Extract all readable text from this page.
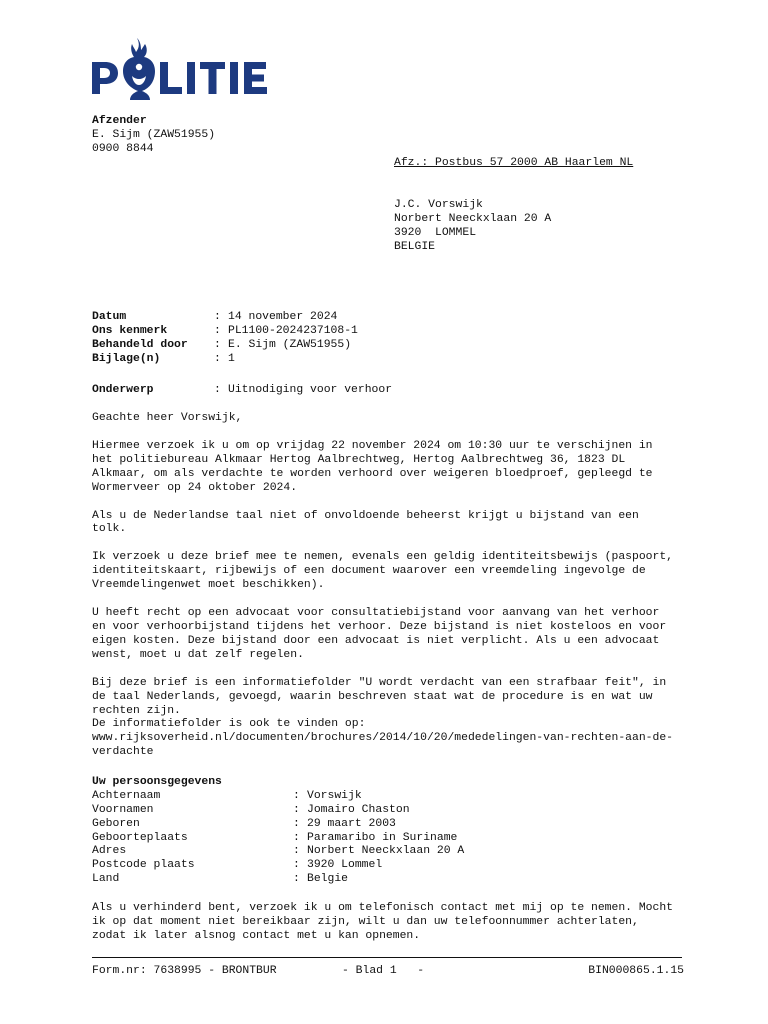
Afzender
E. Sijm (ZAW51955)
0900 8844
Afz.: Postbus 57 2000 AB Haarlem NL
J.C. Vorswijk
Norbert Neeckxlaan 20 A
3920  LOMMEL
BELGIE
Datum	: 14 november 2024
Ons kenmerk	: PL1100-2024237108-1
Behandeld door	: E. Sijm (ZAW51955)
Bijlage(n)	: 1
Onderwerp	: Uitnodiging voor verhoor
Geachte heer Vorswijk,
Hiermee verzoek ik u om op vrijdag 22 november 2024 om 10:30 uur te verschijnen in
het politiebureau Alkmaar Hertog Aalbrechtweg, Hertog Aalbrechtweg 36, 1823 DL
Alkmaar, om als verdachte te worden verhoord over weigeren bloedproef, gepleegd te
Wormerveer op 24 oktober 2024.
Als u de Nederlandse taal niet of onvoldoende beheerst krijgt u bijstand van een
tolk.
Ik verzoek u deze brief mee te nemen, evenals een geldig identiteitsbewijs (paspoort,
identiteitskaart, rijbewijs of een document waarover een vreemdeling ingevolge de
Vreemdelingenwet moet beschikken).
U heeft recht op een advocaat voor consultatiebijstand voor aanvang van het verhoor
en voor verhoorbijstand tijdens het verhoor. Deze bijstand is niet kosteloos en voor
eigen kosten. Deze bijstand door een advocaat is niet verplicht. Als u een advocaat
wenst, moet u dat zelf regelen.
Bij deze brief is een informatiefolder "U wordt verdacht van een strafbaar feit", in
de taal Nederlands, gevoegd, waarin beschreven staat wat de procedure is en wat uw
rechten zijn.
De informatiefolder is ook te vinden op:
www.rijksoverheid.nl/documenten/brochures/2014/10/20/mededelingen-van-rechten-aan-de-
verdachte
Uw persoonsgegevens
Achternaam	: Vorswijk
Voornamen	: Jomairo Chaston
Geboren	: 29 maart 2003
Geboorteplaats	: Paramaribo in Suriname
Adres	: Norbert Neeckxlaan 20 A
Postcode plaats	: 3920 Lommel
Land	: Belgie
Als u verhinderd bent, verzoek ik u om telefonisch contact met mij op te nemen. Mocht
ik op dat moment niet bereikbaar zijn, wilt u dan uw telefoonnummer achterlaten,
zodat ik later alsnog contact met u kan opnemen.
Form.nr: 7638995 - BRONTBUR	- Blad 1   -	BIN000865.1.15
